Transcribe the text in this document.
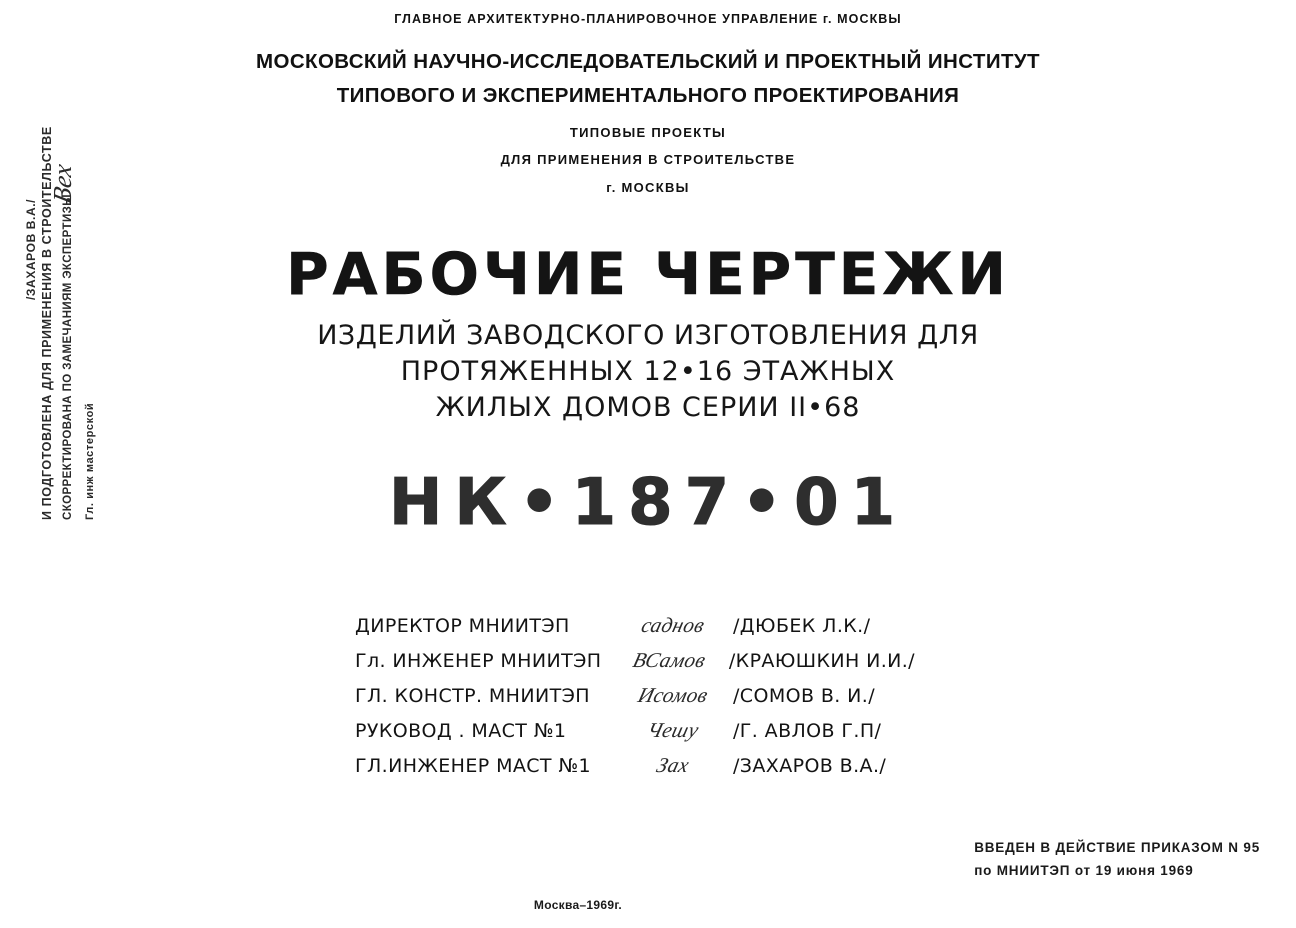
И ПОДГОТОВЛЕНА ДЛЯ ПРИМЕНЕНИЯ В СТРОИТЕЛЬСТВЕ СКОРРЕКТИРОВАНА ПО ЗАМЕЧАНИЯМ ЭКСПЕРТИЗЫ Гл. инж мастерской
/ЗАХАРОВ В.А./
Вех
ГЛАВНОЕ АРХИТЕКТУРНО-ПЛАНИРОВОЧНОЕ УПРАВЛЕНИЕ г. МОСКВЫ
МОСКОВСКИЙ НАУЧНО-ИССЛЕДОВАТЕЛЬСКИЙ И ПРОЕКТНЫЙ ИНСТИТУТ
ТИПОВОГО И ЭКСПЕРИМЕНТАЛЬНОГО ПРОЕКТИРОВАНИЯ
ТИПОВЫЕ ПРОЕКТЫ
ДЛЯ ПРИМЕНЕНИЯ В СТРОИТЕЛЬСТВЕ
г. МОСКВЫ
РАБОЧИЕ ЧЕРТЕЖИ
ИЗДЕЛИЙ ЗАВОДСКОГО ИЗГОТОВЛЕНИЯ ДЛЯ
ПРОТЯЖЕННЫХ 12•16 ЭТАЖНЫХ
ЖИЛЫХ ДОМОВ СЕРИИ II•68
НК•187•01
ДИРЕКТОР МНИИТЭП	саднов	/ДЮБЕК Л.К./
Гл. ИНЖЕНЕР МНИИТЭП	ВСамов	/КРАЮШКИН И.И./
ГЛ. КОНСТР. МНИИТЭП	Исомов	/СОМОВ В. И./
РУКОВОД . МАСТ №1	Чешу	/Г. АВЛОВ Г.П/
ГЛ.ИНЖЕНЕР МАСТ №1	Зах	/ЗАХАРОВ В.А./
ВВЕДЕН В ДЕЙСТВИЕ ПРИКАЗОМ N 95
по МНИИТЭП от 19 июня 1969
Москва–1969г.
